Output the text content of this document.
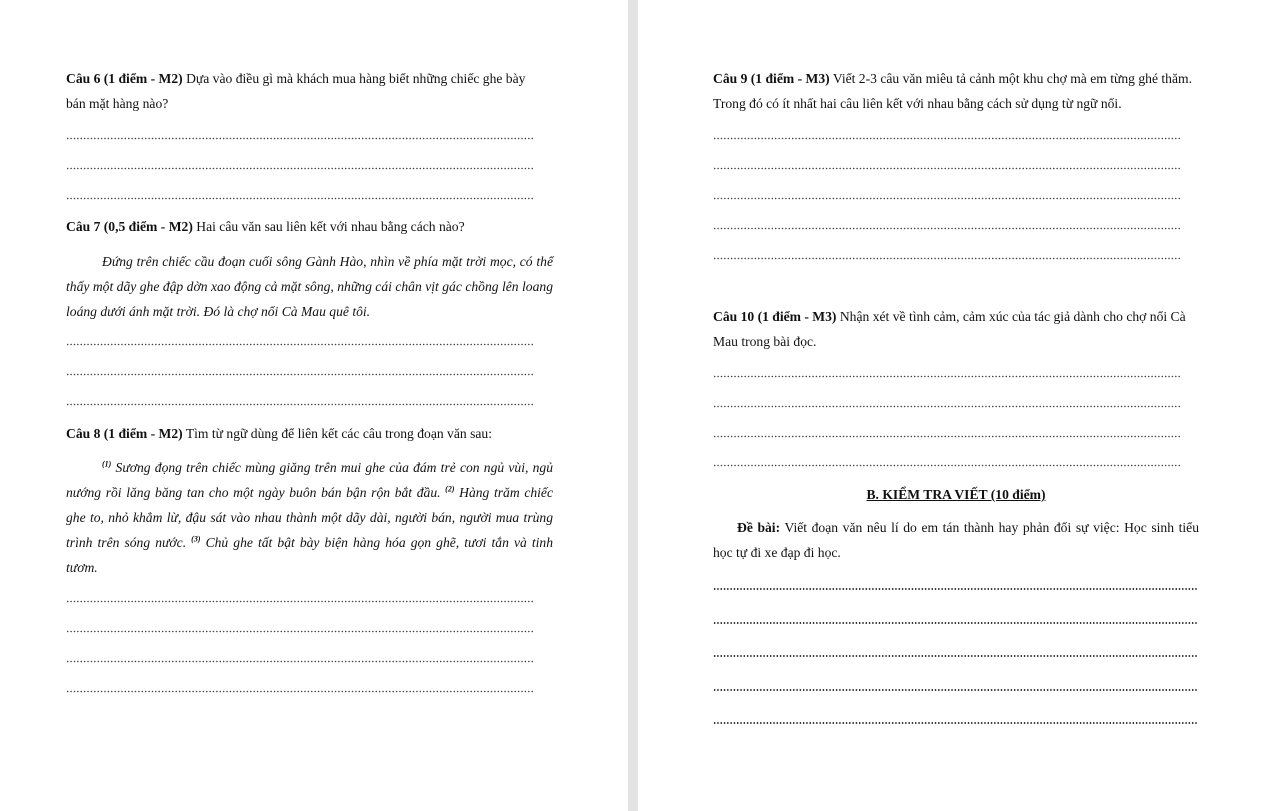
Câu 6 (1 điểm - M2) Dựa vào điều gì mà khách mua hàng biết những chiếc ghe bày bán mặt hàng nào?
Câu 7 (0,5 điểm - M2) Hai câu văn sau liên kết với nhau bằng cách nào?
Đứng trên chiếc cầu đoạn cuối sông Gành Hào, nhìn về phía mặt trời mọc, có thể thấy một dãy ghe đập dờn xao động cả mặt sông, những cái chân vịt gác chồng lên loang loáng dưới ánh mặt trời. Đó là chợ nổi Cà Mau quê tôi.
Câu 8 (1 điểm - M2) Tìm từ ngữ dùng để liên kết các câu trong đoạn văn sau:
$^{(1)}$ Sương đọng trên chiếc mùng giăng trên mui ghe của đám trẻ con ngủ vùi, ngủ nướng rồi lăng băng tan cho một ngày buôn bán bận rộn bắt đầu. $^{(2)}$ Hàng trăm chiếc ghe to, nhỏ khẳm lừ, đậu sát vào nhau thành một dãy dài, người bán, người mua trùng trình trên sóng nước. $^{(3)}$ Chủ ghe tất bật bày biện hàng hóa gọn ghẽ, tươi tắn và tinh tươm.
Câu 9 (1 điểm - M3) Viết 2-3 câu văn miêu tả cảnh một khu chợ mà em từng ghé thăm. Trong đó có ít nhất hai câu liên kết với nhau bằng cách sử dụng từ ngữ nối.
Câu 10 (1 điểm - M3) Nhận xét về tình cảm, cảm xúc của tác giả dành cho chợ nổi Cà Mau trong bài đọc.
B. KIỂM TRA VIẾT (10 điểm)
Đề bài: Viết đoạn văn nêu lí do em tán thành hay phản đối sự việc: Học sinh tiểu học tự đi xe đạp đi học.
